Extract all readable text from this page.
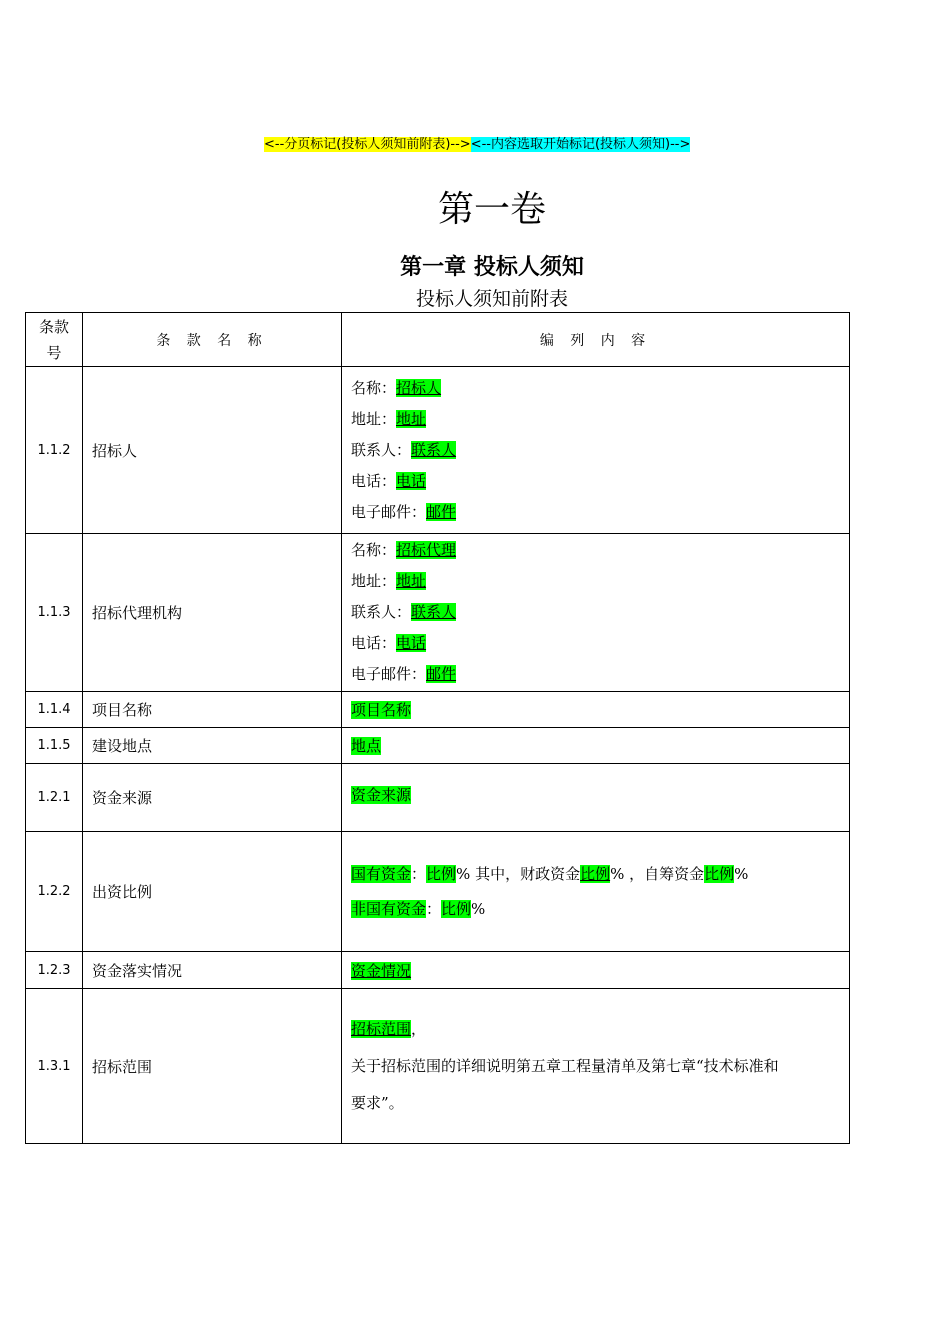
<--分页标记(投标人须知前附表)--><--内容选取开始标记(投标人须知)-->
第一卷
第一章 投标人须知
投标人须知前附表
条款号	条 款 名 称	编 列 内 容
1.1.2	招标人	名称：招标人
地址：地址
联系人：联系人
电话：电话
电子邮件：邮件

1.1.3	招标代理机构	名称：招标代理
地址：地址
联系人：联系人
电话：电话
电子邮件：邮件

1.1.4	项目名称	项目名称
1.1.5	建设地点	地点
1.2.1	资金来源	资金来源
1.2.2	出资比例	国有资金：比例% 其中，财政资金比例% ，自筹资金比例%
非国有资金：比例%

1.2.3	资金落实情况	资金情况
1.3.1	招标范围	招标范围，
关于招标范围的详细说明第五章工程量清单及第七章“技术标准和
要求”。
